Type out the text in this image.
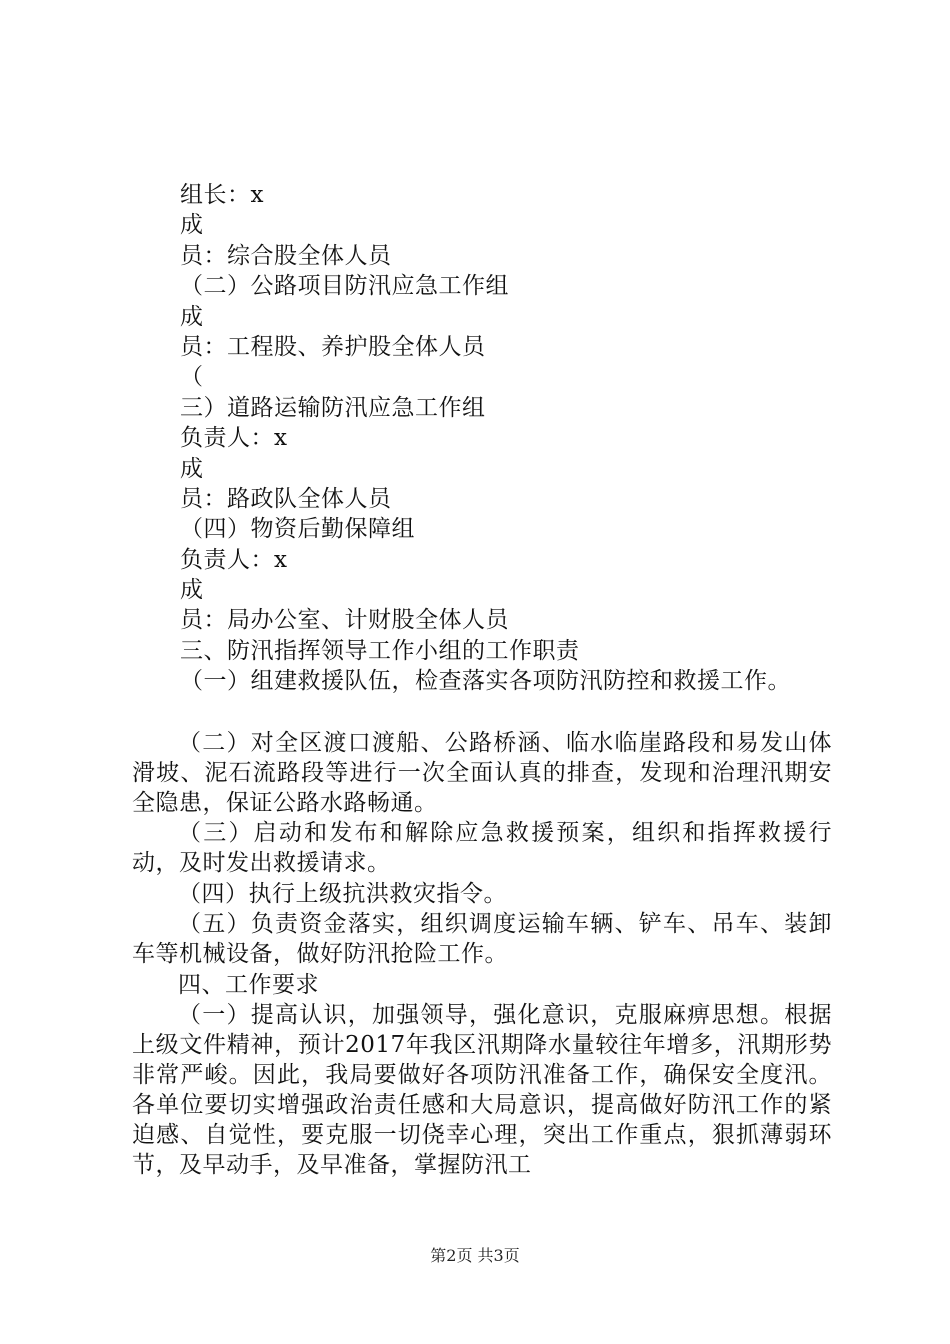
组长：x
成
员：综合股全体人员
（二）公路项目防汛应急工作组
成
员：工程股、养护股全体人员
（
三）道路运输防汛应急工作组
负责人：x
成
员：路政队全体人员
（四）物资后勤保障组
负责人：x
成
员：局办公室、计财股全体人员
三、防汛指挥领导工作小组的工作职责
（一）组建救援队伍，检查落实各项防汛防控和救援工作。
（二）对全区渡口渡船、公路桥涵、临水临崖路段和易发山体滑坡、泥石流路段等进行一次全面认真的排查，发现和治理汛期安全隐患，保证公路水路畅通。
（三）启动和发布和解除应急救援预案，组织和指挥救援行动，及时发出救援请求。
（四）执行上级抗洪救灾指令。
（五）负责资金落实，组织调度运输车辆、铲车、吊车、装卸车等机械设备，做好防汛抢险工作。
四、工作要求
（一）提高认识，加强领导，强化意识，克服麻痹思想。根据上级文件精神，预计2017年我区汛期降水量较往年增多，汛期形势非常严峻。因此，我局要做好各项防汛准备工作，确保安全度汛。各单位要切实增强政治责任感和大局意识，提高做好防汛工作的紧迫感、自觉性，要克服一切侥幸心理，突出工作重点，狠抓薄弱环节，及早动手，及早准备，掌握防汛工
第2页 共3页
